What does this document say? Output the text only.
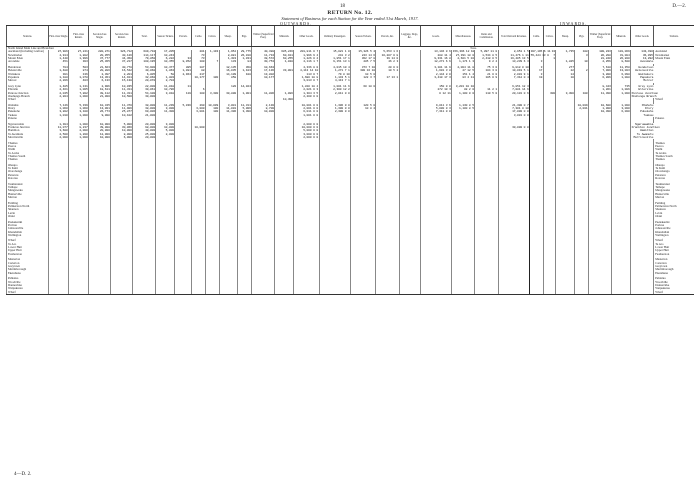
18	D.—2.
RETURN No. 12.
Statement of Business for each Station for the Year ended 31st March, 1917.
OUTWARDS.	INWARDS.
Stations.	First-class Single.	First-class Return.	Second-class Single.	Second-class Return.	Total.	Season Tickets.	Parcels.	Cattle.	Calves.	Sheep.	Pigs.	Timber (Superficial Feet).	Minerals.	Other Goods.	Ordinary Passengers.	Season Tickets.	Parcels, &c.	Luggage, Dogs, &c.	Goods.	Miscellaneous.	Rents and Commission.	Total Outward Revenue.	Cattle.	Calves.	Sheep.	Pigs.	Timber (Superficial Feet).	Minerals.	Other Goods.	Stations.
North Island Main Line and Branches:												Tons.																		
Auckland (Including Grafton)	87,986	27,241	280,871	326,712	689,710	17,205		201	1,193	1,952	29,775	40,388	685,246	201,811 0 7	15,021 1 0	15,326 5 4	5,653 1 6		13,146 0 6	156,396 12 10	5,897 11 0	8,951 1 5	307,195 6 11	34	1,735	108	100,833	101,069	143,490	Auckland
Newmarket	4,914	1,882	20,055	40,126	114,117	10,243		73		8,081	26,010	11,734	60,911	1,996 9 4	241 3 2	243 14 6	16,207 0 8		288 11 4	27,391 18 0	1,534 8 5	11,476 1 11	55,424 13 0	7		3	86,208	31,084	36,095	Newmarket
Mount Eden	1,440	1,996	37,777	44,368	79,850	6,222	34	73		1,303	1,031	38,572	60,255	1,226 0 4	1,851 17 1	362 17 8	39 14 0		9,331 16 8	2,601 5 10	2,418 0 5	16,405 13 5		1			81,840	26,800	13,892	Mount Eden
Avondale	451	303	25,365	37,217	100,195	10,355	8,052	100	7	133	84	30,753	1,028	4,116 1 7	9,151 13 1	285 7 5	46 2 3		12,271 6 6	1,174 1 3	9 2 4	13,239 6 3	3		1,825	10	2,856	8,600	Avondale	

Henderson	784	503	21,663	40,778	53,900	10,377	885	187		12,135	368	10,663		4,336 8 0	4,015 10 4	373 7 10	20 0 0		3,101 11 9	2,004 11 8	75 3 0	9,818 0 10	3		277		7,618	11,358	Henderson	
Helensville	1,480	874	20,886	16,542	40,060	1,863	1,081	88		16,035	1,103	17,136	33,001	4,113 14 10	1,271 7 1	300 16 10	10 5 2		1,601 3 8	27 12 5	104 3 0	10,019 5 1	17		22	2	7,009	13,003	Helensville	
Waitakere	381	136	2,387	2,201	6,805	58	2,964	217		14,109	108	13,802		113 0 7	79 8 10	10 5 0			2,144 8 0	151 1 4	21 0 0	2,001 9 1	3		14		3,800	6,098	Waitakere	
Papakura	1,188	1,078	13,361	14,911	32,060	1,803		10,177	100	858		10,177		1,680 18 8	1,143 5 1	122 3 7	17 13 1		3,410 17 3	83 4 11	105 0 9	7,312 0 4	19		10		6,806	1,088	Papakura	
Mercer	2,206	403	6,133	15,138	20,070	2,704								3,013 0 7	4,113 7 1														Mercer	

Grey Lynn	1,485	1,131	2,906	10,035	22,000	11,018	11			120	14,024			1,810 18 4	1,001 11 6	60 18 0			150 0 0	3,201 10 10		6,851 12 3					8,443	735	Grey Lynn	
Ellerslie	2,461	1,005	18,611	11,311	30,061	10,786		6						2,021 0 3	2,300 12 2				272 10 3	88 2 0	11 2 1	7,081 14 6					1,861	1,086	Ellerslie	
Penrose Junction	2,045	7,802	38,112	11,311	54,100	3,018	119	100	3,300	30,800	1,001	11,806	1,086	1,304 3 5	2,011 0 0				0 12 11	1,100 0 0	110 5 0	20,101 0 6		300	3,300	100	11,300	1,000	Penrose Junction	
Onehunga Branch	2,804	1,000	21,000	10,500	30,000									2,200 0 0															Onehunga Branch	
Wharf													10,300																	Wharf

Otahuhu	7,146	5,339	10,345	11,370	38,000	11,239	5,036	290	10,009	3,001	11,311	2,130		10,001 0 0	1,306 0 0	120 5 0			9,011 3 6	1,130 8 5		21,300 0 7				10,009	10,600	1,000	Otahuhu	
Drury	1,060	1,060	13,001	11,906	38,000	3,000		3,000	100	11,001	5,006	8,700		2,001 0 0	1,300 0 0	10 8 4			5,000 0 3	1,100 8 5		7,301 8 10				2,001	1,000	3,000	Drury	
Pukekohe	3,802	3,100	26,773	25,877	60,006	11,300		3,001	100	11,306	3,300	10,000		6,011 0 0	2,300 0 0				7,311 0 0			17,000 0 0					10,300	6,000	Pukekohe	
Tuakau	1,010	1,000	9,008	10,102	21,000									1,001 0 0								3,001 0 0							Tuakau	
Pokeno																														Pokeno

Ngaruawahia	1,384	1,000	10,000	5,000	20,000	3,000								2,000 0 0															Ngaruawahia	
Frankton Junction	11,077	8,237	39,008	30,066	98,000	10,000		10,000						10,000 0 0								30,000 0 0							Frankton Junction	
Hamilton	3,600	2,000	20,000	10,000	40,000	5,000								5,000 0 0															Hamilton	
Te Awamutu	2,500	1,200	12,000	8,000	25,000	2,000								3,000 0 0															Te Awamutu	
Morrinsville	2,000	1,000	10,000	6,000	20,000									2,000 0 0															Morrinsville	

Thames																														Thames
Paeroa																														Paeroa
Waihi																														Waihi
Te Aroha																														Te Aroha
Thames South																														Thames South
Thames																														Thames

Ohaupo																														Ohaupo
Te Kuiti																														Te Kuiti
Otorohanga																														Otorohanga
Putaruru																														Putaruru
Rotorua																														Rotorua

Taumarunui																														Taumarunui
Taihape																														Taihape
Mangaweka																														Mangaweka
Hunterville																														Hunterville
Marton																														Marton

Feilding																														Feilding
Palmerston North																														Palmerston North
Shannon																														Shannon
Levin																														Levin
Otaki																														Otaki

Paekakariki																														Paekakariki
Porirua																														Porirua
Johnsonville																														Johnsonville
Khandallah																														Khandallah
Wellington																														Wellington

Wharf																														Wharf
Te Aro																														Te Aro
Lower Hutt																														Lower Hutt
Upper Hutt																														Upper Hutt
Featherston																														Featherston

Masterton																														Masterton
Carterton																														Carterton
Greytown																														Greytown
Martinborough																														Martinborough
Eketahuna																														Eketahuna

Pahiatua																														Pahiatua
Woodville																														Woodville
Dannevirke																														Dannevirke
Waipukurau																														Waipukurau
Wharf																														Wharf
4—D. 2.
